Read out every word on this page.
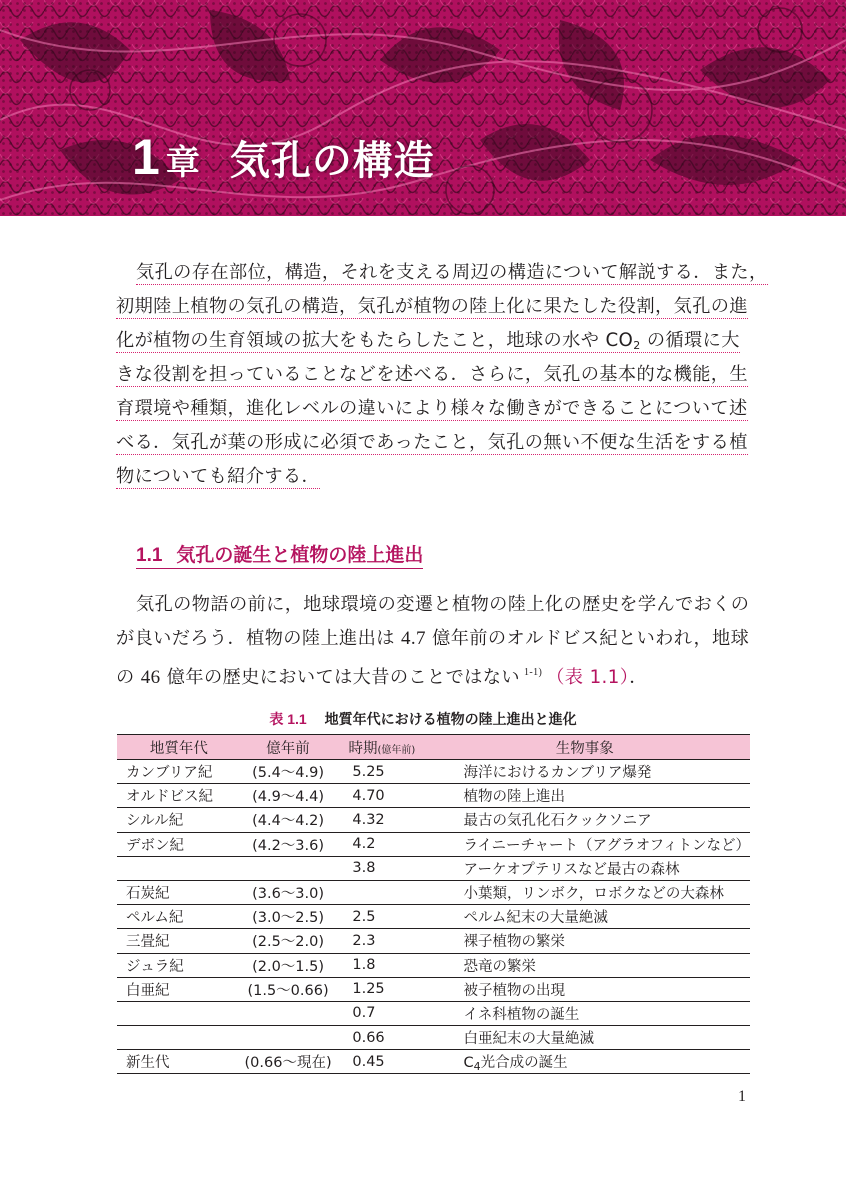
1 章 気孔の構造
気孔の存在部位，構造，それを支える周辺の構造について解説する．また，
初期陸上植物の気孔の構造，気孔が植物の陸上化に果たした役割，気孔の進
化が植物の生育領域の拡大をもたらしたこと，地球の水や $CO_2$ の循環に大
きな役割を担っていることなどを述べる．さらに，気孔の基本的な機能，生
育環境や種類，進化レベルの違いにより様々な働きができることについて述
べる．気孔が葉の形成に必須であったこと，気孔の無い不便な生活をする植
物についても紹介する．
1.1 気孔の誕生と植物の陸上進出
気孔の物語の前に，地球環境の変遷と植物の陸上化の歴史を学んでおくの
が良いだろう．植物の陸上進出は 4.7 億年前のオルドビス紀といわれ，地球
の 46 億年の歴史においては大昔のことではない $^{1-1)}$ （表 1.1）．
表 1.1 地質年代における植物の陸上進出と進化
地質年代	億年前	時期(億年前)	生物事象
カンブリア紀	(5.4～4.9)	5.25	海洋におけるカンブリア爆発
オルドビス紀	(4.9～4.4)	4.70	植物の陸上進出
シルル紀	(4.4～4.2)	4.32	最古の気孔化石クックソニア
デボン紀	(4.2～3.6)	4.2	ライニーチャート（アグラオフィトンなど）
		3.8	アーケオプテリスなど最古の森林
石炭紀	(3.6～3.0)		小葉類，リンボク，ロボクなどの大森林
ペルム紀	(3.0～2.5)	2.5	ペルム紀末の大量絶滅
三畳紀	(2.5～2.0)	2.3	裸子植物の繁栄
ジュラ紀	(2.0～1.5)	1.8	恐竜の繁栄
白亜紀	(1.5～0.66)	1.25	被子植物の出現
		0.7	イネ科植物の誕生
		0.66	白亜紀末の大量絶滅
新生代	(0.66～現在)	0.45	$C_4$光合成の誕生
1
